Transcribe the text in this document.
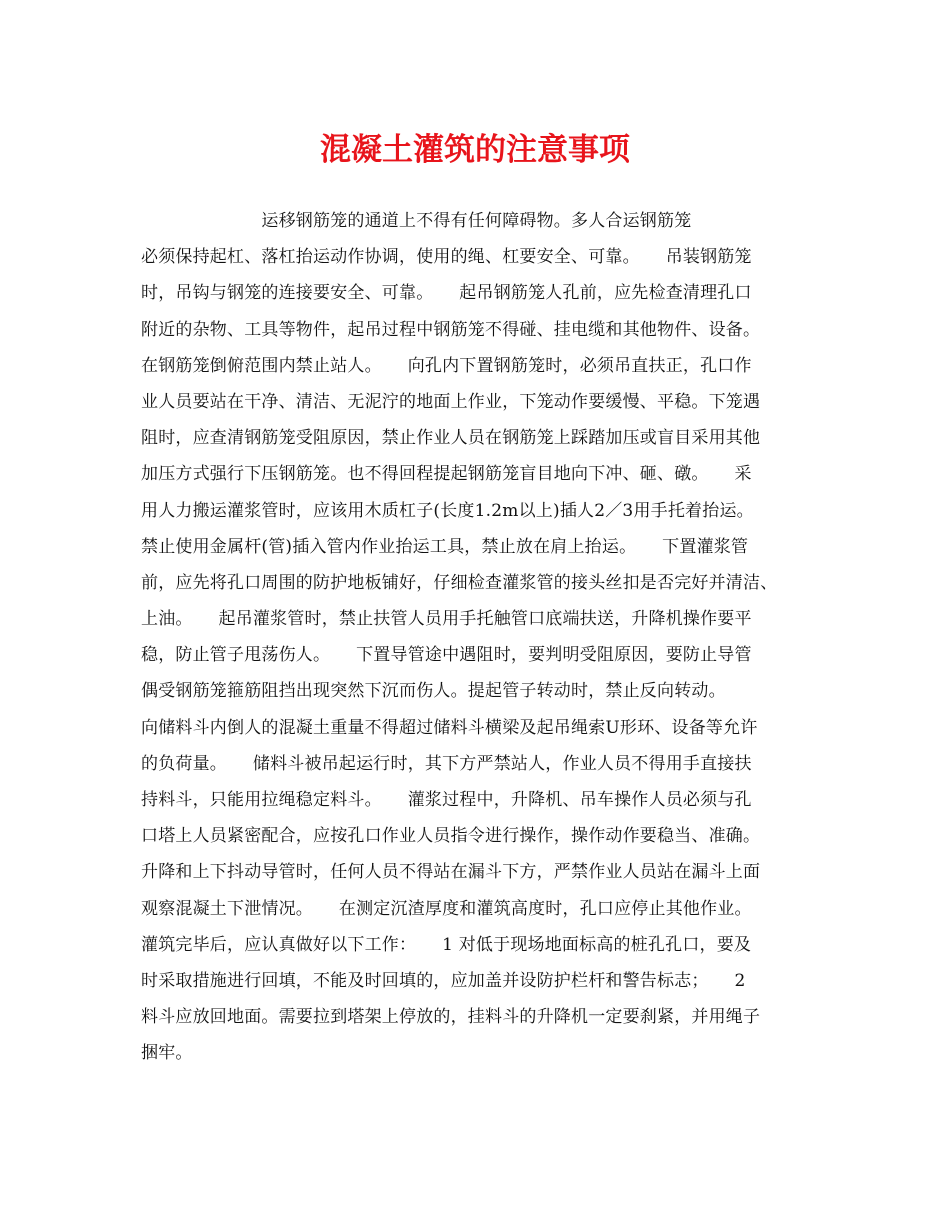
混凝土灌筑的注意事项
　　　　　　　运移钢筋笼的通道上不得有任何障碍物。多人合运钢筋笼
必须保持起杠、落杠抬运动作协调，使用的绳、杠要安全、可靠。　　吊装钢筋笼
时，吊钩与钢笼的连接要安全、可靠。　　起吊钢筋笼人孔前，应先检查清理孔口
附近的杂物、工具等物件，起吊过程中钢筋笼不得碰、挂电缆和其他物件、设备。
在钢筋笼倒俯范围内禁止站人。　　向孔内下置钢筋笼时，必须吊直扶正，孔口作
业人员要站在干净、清洁、无泥泞的地面上作业，下笼动作要缓慢、平稳。下笼遇
阻时，应查清钢筋笼受阻原因，禁止作业人员在钢筋笼上踩踏加压或盲目采用其他
加压方式强行下压钢筋笼。也不得回程提起钢筋笼盲目地向下冲、砸、礅。　　采
用人力搬运灌浆管时，应该用木质杠子(长度1.2m以上)插人2／3用手托着抬运。
禁止使用金属杆(管)插入管内作业抬运工具，禁止放在肩上抬运。　　下置灌浆管
前，应先将孔口周围的防护地板铺好，仔细检查灌浆管的接头丝扣是否完好并清洁、
上油。　　起吊灌浆管时，禁止扶管人员用手托触管口底端扶送，升降机操作要平
稳，防止管子甩荡伤人。　　下置导管途中遇阻时，要判明受阻原因，要防止导管
偶受钢筋笼箍筋阻挡出现突然下沉而伤人。提起管子转动时，禁止反向转动。
向储料斗内倒人的混凝土重量不得超过储料斗横梁及起吊绳索U形环、设备等允许
的负荷量。　　储料斗被吊起运行时，其下方严禁站人，作业人员不得用手直接扶
持料斗，只能用拉绳稳定料斗。　　灌浆过程中，升降机、吊车操作人员必须与孔
口塔上人员紧密配合，应按孔口作业人员指令进行操作，操作动作要稳当、准确。
升降和上下抖动导管时，任何人员不得站在漏斗下方，严禁作业人员站在漏斗上面
观察混凝土下泄情况。　　在测定沉渣厚度和灌筑高度时，孔口应停止其他作业。
灌筑完毕后，应认真做好以下工作：　　1 对低于现场地面标高的桩孔孔口，要及
时采取措施进行回填，不能及时回填的，应加盖并设防护栏杆和警告标志；　　2
料斗应放回地面。需要拉到塔架上停放的，挂料斗的升降机一定要刹紧，并用绳子
捆牢。
